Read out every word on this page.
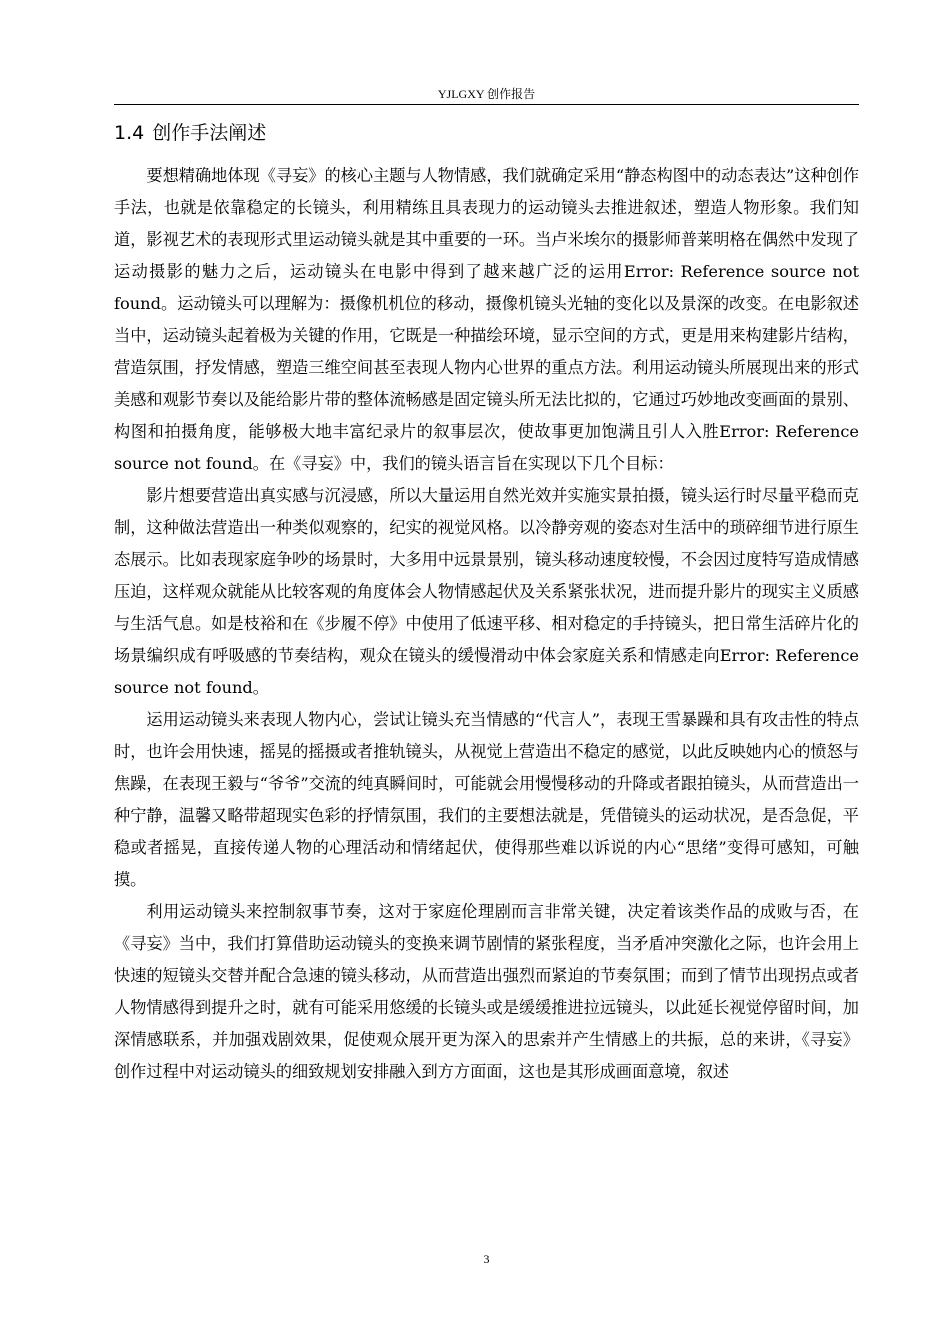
YJLGXY 创作报告
1.4 创作手法阐述

要想精确地体现《寻妄》的核心主题与人物情感，我们就确定采用“静态构图中的动态表达”这种创作手法，也就是依靠稳定的长镜头，利用精练且具表现力的运动镜头去推进叙述，塑造人物形象。我们知道，影视艺术的表现形式里运动镜头就是其中重要的一环。当卢米埃尔的摄影师普莱明格在偶然中发现了运动摄影的魅力之后，运动镜头在电影中得到了越来越广泛的运用Error: Reference source not found。运动镜头可以理解为：摄像机机位的移动，摄像机镜头光轴的变化以及景深的改变。在电影叙述当中，运动镜头起着极为关键的作用，它既是一种描绘环境，显示空间的方式，更是用来构建影片结构，营造氛围，抒发情感，塑造三维空间甚至表现人物内心世界的重点方法。利用运动镜头所展现出来的形式美感和观影节奏以及能给影片带的整体流畅感是固定镜头所无法比拟的，它通过巧妙地改变画面的景别、构图和拍摄角度，能够极大地丰富纪录片的叙事层次，使故事更加饱满且引人入胜Error: Reference source not found。在《寻妄》中，我们的镜头语言旨在实现以下几个目标：

影片想要营造出真实感与沉浸感，所以大量运用自然光效并实施实景拍摄，镜头运行时尽量平稳而克制，这种做法营造出一种类似观察的，纪实的视觉风格。以冷静旁观的姿态对生活中的琐碎细节进行原生态展示。比如表现家庭争吵的场景时，大多用中远景景别，镜头移动速度较慢，不会因过度特写造成情感压迫，这样观众就能从比较客观的角度体会人物情感起伏及关系紧张状况，进而提升影片的现实主义质感与生活气息。如是枝裕和在《步履不停》中使用了低速平移、相对稳定的手持镜头，把日常生活碎片化的场景编织成有呼吸感的节奏结构，观众在镜头的缓慢滑动中体会家庭关系和情感走向Error: Reference source not found。

运用运动镜头来表现人物内心，尝试让镜头充当情感的“代言人”，表现王雪暴躁和具有攻击性的特点时，也许会用快速，摇晃的摇摄或者推轨镜头，从视觉上营造出不稳定的感觉，以此反映她内心的愤怒与焦躁，在表现王毅与“爷爷”交流的纯真瞬间时，可能就会用慢慢移动的升降或者跟拍镜头，从而营造出一种宁静，温馨又略带超现实色彩的抒情氛围，我们的主要想法就是，凭借镜头的运动状况，是否急促，平稳或者摇晃，直接传递人物的心理活动和情绪起伏，使得那些难以诉说的内心“思绪”变得可感知，可触摸。

利用运动镜头来控制叙事节奏，这对于家庭伦理剧而言非常关键，决定着该类作品的成败与否，在《寻妄》当中，我们打算借助运动镜头的变换来调节剧情的紧张程度，当矛盾冲突激化之际，也许会用上快速的短镜头交替并配合急速的镜头移动，从而营造出强烈而紧迫的节奏氛围；而到了情节出现拐点或者人物情感得到提升之时，就有可能采用悠缓的长镜头或是缓缓推进拉远镜头，以此延长视觉停留时间，加深情感联系，并加强戏剧效果，促使观众展开更为深入的思索并产生情感上的共振，总的来讲，《寻妄》创作过程中对运动镜头的细致规划安排融入到方方面面，这也是其形成画面意境，叙述

3
